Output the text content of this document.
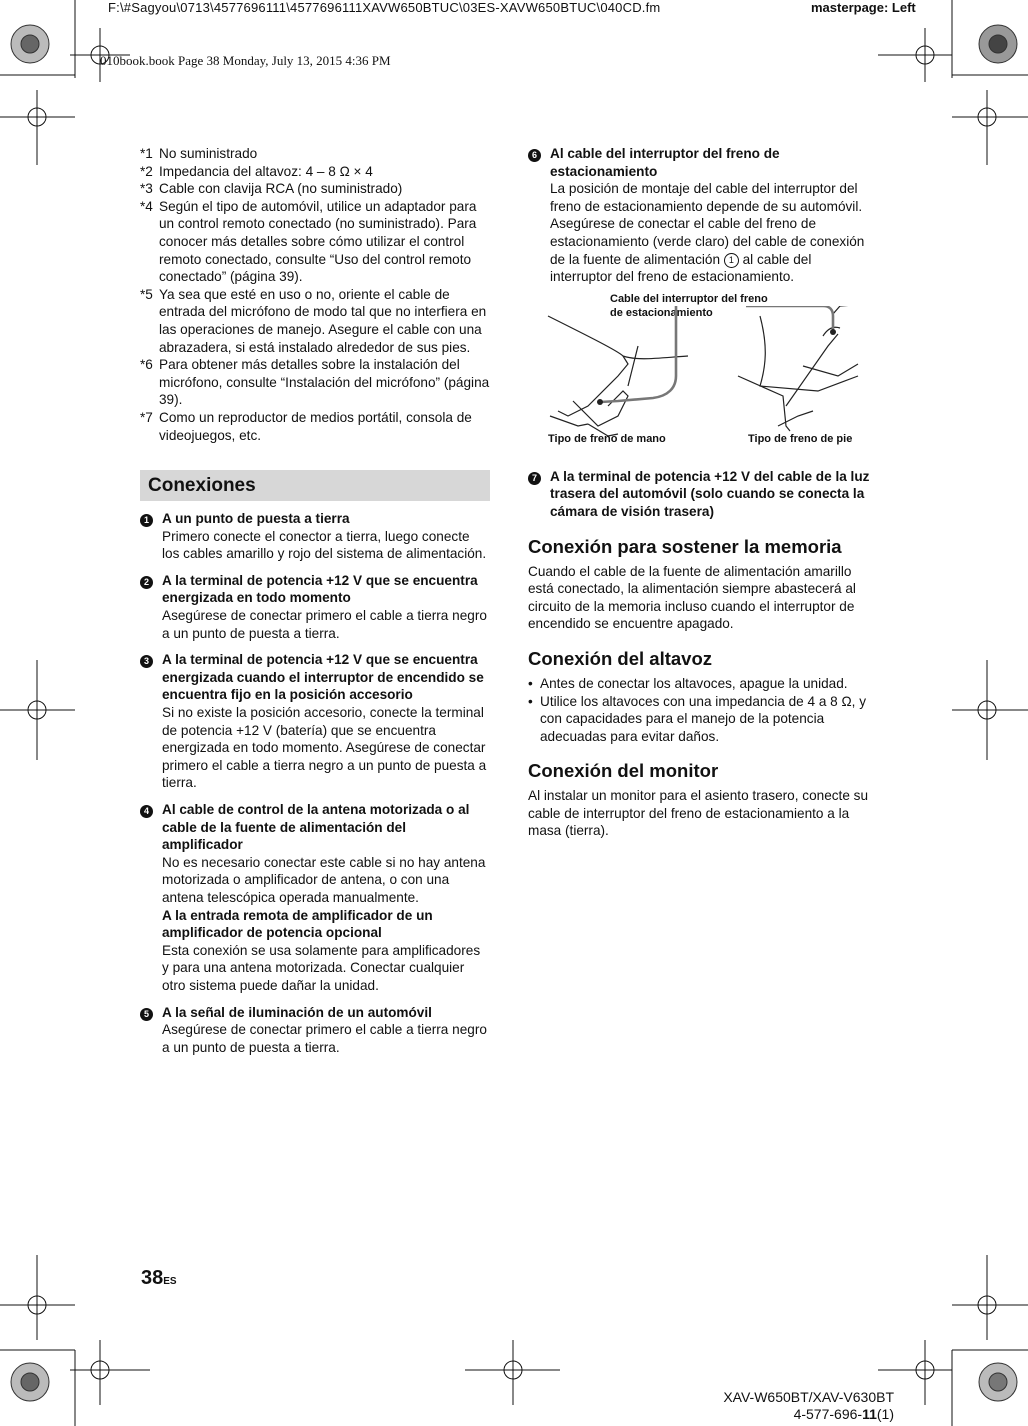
F:\#Sagyou\0713\4577696111\4577696111XAVW650BTUC\03ES-XAVW650BTUC\040CD.fm	masterpage: Left
010book.book Page 38 Monday, July 13, 2015 4:36 PM
*1 No suministrado
*2 Impedancia del altavoz: 4 – 8 Ω × 4
*3 Cable con clavija RCA (no suministrado)
*4 Según el tipo de automóvil, utilice un adaptador para un control remoto conectado (no suministrado). Para conocer más detalles sobre cómo utilizar el control remoto conectado, consulte “Uso del control remoto conectado” (página 39).
*5 Ya sea que esté en uso o no, oriente el cable de entrada del micrófono de modo tal que no interfiera en las operaciones de manejo. Asegure el cable con una abrazadera, si está instalado alrededor de sus pies.
*6 Para obtener más detalles sobre la instalación del micrófono, consulte “Instalación del micrófono” (página 39).
*7 Como un reproductor de medios portátil, consola de videojuegos, etc.
Conexiones
1 A un punto de puesta a tierra
Primero conecte el conector a tierra, luego conecte los cables amarillo y rojo del sistema de alimentación.
2 A la terminal de potencia +12 V que se encuentra energizada en todo momento
Asegúrese de conectar primero el cable a tierra negro a un punto de puesta a tierra.
3 A la terminal de potencia +12 V que se encuentra energizada cuando el interruptor de encendido se encuentra fijo en la posición accesorio
Si no existe la posición accesorio, conecte la terminal de potencia +12 V (batería) que se encuentra energizada en todo momento. Asegúrese de conectar primero el cable a tierra negro a un punto de puesta a tierra.
4 Al cable de control de la antena motorizada o al cable de la fuente de alimentación del amplificador
No es necesario conectar este cable si no hay antena motorizada o amplificador de antena, o con una antena telescópica operada manualmente.
A la entrada remota de amplificador de un amplificador de potencia opcional
Esta conexión se usa solamente para amplificadores y para una antena motorizada. Conectar cualquier otro sistema puede dañar la unidad.
5 A la señal de iluminación de un automóvil
Asegúrese de conectar primero el cable a tierra negro a un punto de puesta a tierra.
6 Al cable del interruptor del freno de estacionamiento
La posición de montaje del cable del interruptor del freno de estacionamiento depende de su automóvil.
Asegúrese de conectar el cable del freno de estacionamiento (verde claro) del cable de conexión de la fuente de alimentación 1 al cable del interruptor del freno de estacionamiento.
Cable del interruptor del freno
de estacionamiento
Tipo de freno de mano	Tipo de freno de pie
7 A la terminal de potencia +12 V del cable de la luz trasera del automóvil (solo cuando se conecta la cámara de visión trasera)
Conexión para sostener la memoria
Cuando el cable de la fuente de alimentación amarillo está conectado, la alimentación siempre abastecerá al circuito de la memoria incluso cuando el interruptor de encendido se encuentre apagado.
Conexión del altavoz
• Antes de conectar los altavoces, apague la unidad.
• Utilice los altavoces con una impedancia de 4 a 8 Ω, y con capacidades para el manejo de la potencia adecuadas para evitar daños.
Conexión del monitor
Al instalar un monitor para el asiento trasero, conecte su cable de interruptor del freno de estacionamiento a la masa (tierra).
38ES
XAV-W650BT/XAV-V630BT
4-577-696-11(1)
